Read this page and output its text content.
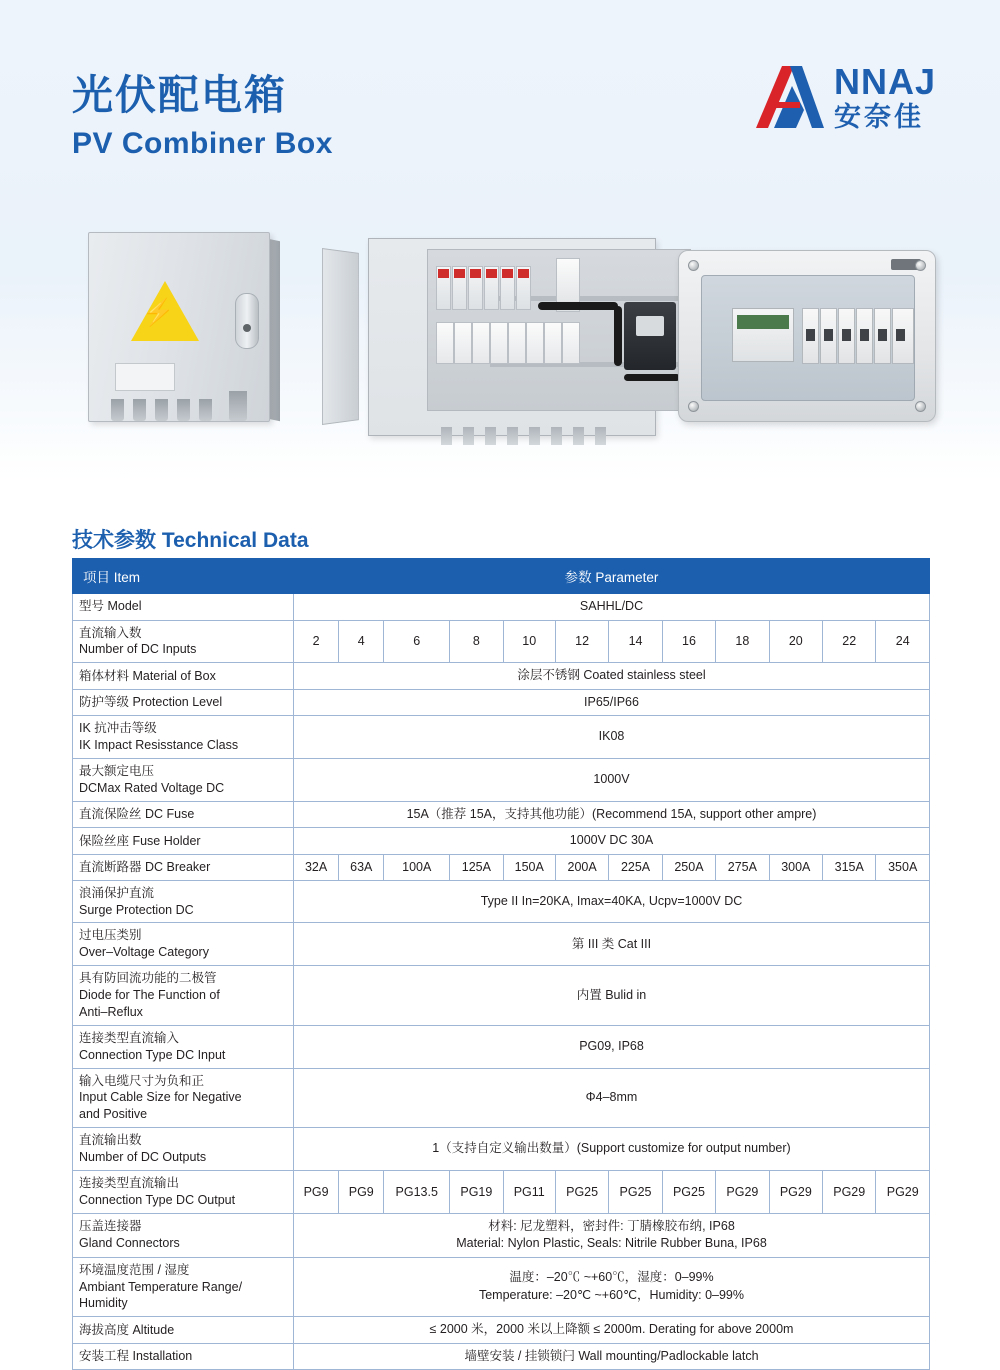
光伏配电箱
PV Combiner Box
NNAJ
安奈佳
⚡
技术参数 Technical Data
项目 Item	参数 Parameter											
型号 Model	SAHHL/DC											
直流输入数
Number of DC Inputs	2	4	6	8	10	12	14	16	18	20	22	24
箱体材料 Material of Box	涂层不锈钢 Coated stainless steel											
防护等级 Protection Level	IP65/IP66											
IK 抗冲击等级
IK Impact Resisstance Class	IK08											
最大额定电压
DCMax Rated Voltage DC	1000V											
直流保险丝 DC Fuse	15A（推荐 15A，支持其他功能）(Recommend 15A, support other ampre)											
保险丝座 Fuse Holder	1000V DC 30A											
直流断路器 DC Breaker	32A	63A	100A	125A	150A	200A	225A	250A	275A	300A	315A	350A
浪涌保护直流
Surge Protection DC	Type II In=20KA, Imax=40KA, Ucpv=1000V DC											
过电压类别
Over–Voltage Category	第 III 类 Cat III											
具有防回流功能的二极管
Diode for The Function of
Anti–Reflux	内置 Bulid in											
连接类型直流输入
Connection Type DC Input	PG09, IP68											
输入电缆尺寸为负和正
Input Cable Size for Negative
and Positive	Φ4–8mm											
直流输出数
Number of DC Outputs	1（支持自定义输出数量）(Support customize for output number)											
连接类型直流输出
Connection Type DC Output	PG9	PG9	PG13.5	PG19	PG11	PG25	PG25	PG25	PG29	PG29	PG29	PG29
压盖连接器
Gland Connectors	材料: 尼龙塑料，密封件: 丁腈橡胶布纳, IP68
Material: Nylon Plastic, Seals: Nitrile Rubber Buna, IP68											
环境温度范围 / 湿度
Ambiant Temperature Range/
Humidity	温度：–20℃ ~+60℃，湿度：0–99%
Temperature: –20℃ ~+60℃，Humidity: 0–99%											
海拔高度 Altitude	≤ 2000 米，2000 米以上降额 ≤ 2000m. Derating for above 2000m											
安装工程 Installation	墙壁安装 / 挂锁锁闩 Wall mounting/Padlockable latch											
